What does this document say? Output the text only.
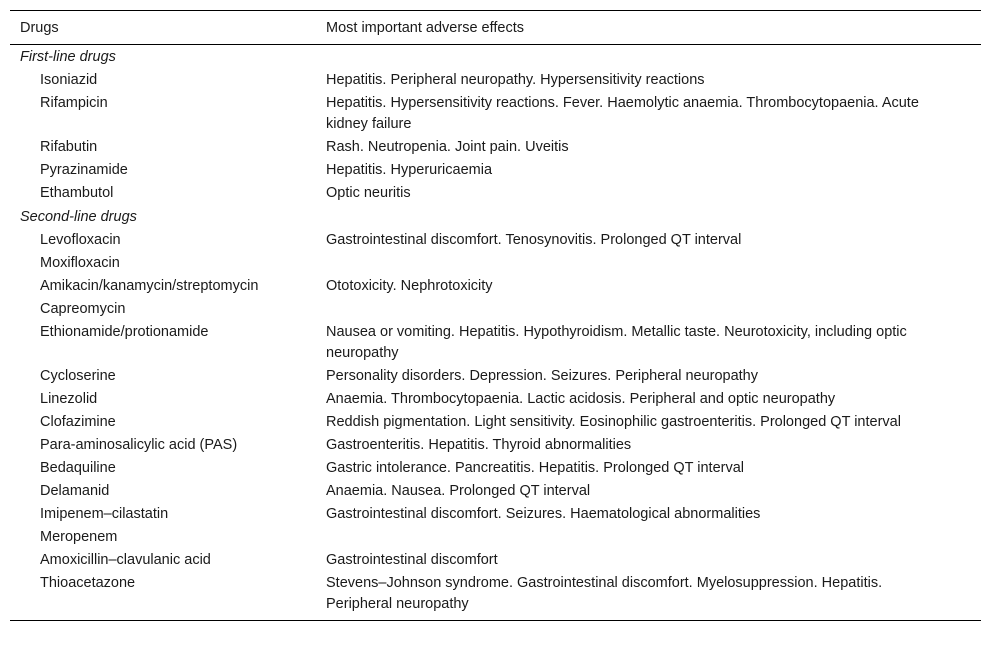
Drugs	Most important adverse effects
First-line drugs	
Isoniazid	Hepatitis. Peripheral neuropathy. Hypersensitivity reactions
Rifampicin	Hepatitis. Hypersensitivity reactions. Fever. Haemolytic anaemia. Thrombocytopaenia. Acute kidney failure
Rifabutin	Rash. Neutropenia. Joint pain. Uveitis
Pyrazinamide	Hepatitis. Hyperuricaemia
Ethambutol	Optic neuritis
Second-line drugs	
Levofloxacin	Gastrointestinal discomfort. Tenosynovitis. Prolonged QT interval
Moxifloxacin	
Amikacin/kanamycin/streptomycin	Ototoxicity. Nephrotoxicity
Capreomycin	
Ethionamide/protionamide	Nausea or vomiting. Hepatitis. Hypothyroidism. Metallic taste. Neurotoxicity, including optic neuropathy
Cycloserine	Personality disorders. Depression. Seizures. Peripheral neuropathy
Linezolid	Anaemia. Thrombocytopaenia. Lactic acidosis. Peripheral and optic neuropathy
Clofazimine	Reddish pigmentation. Light sensitivity. Eosinophilic gastroenteritis. Prolonged QT interval
Para-aminosalicylic acid (PAS)	Gastroenteritis. Hepatitis. Thyroid abnormalities
Bedaquiline	Gastric intolerance. Pancreatitis. Hepatitis. Prolonged QT interval
Delamanid	Anaemia. Nausea. Prolonged QT interval
Imipenem–cilastatin	Gastrointestinal discomfort. Seizures. Haematological abnormalities
Meropenem	
Amoxicillin–clavulanic acid	Gastrointestinal discomfort
Thioacetazone	Stevens–Johnson syndrome. Gastrointestinal discomfort. Myelosuppression. Hepatitis. Peripheral neuropathy
